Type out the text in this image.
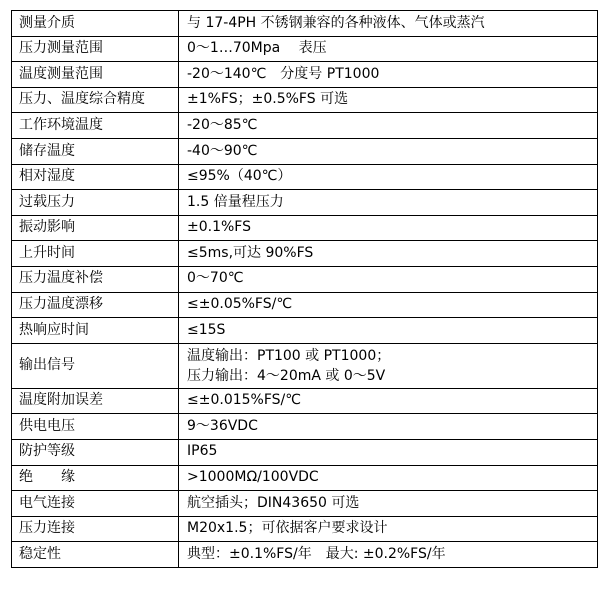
测量介质	与 17-4PH 不锈钢兼容的各种液体、气体或蒸汽

压力测量范围	0～1…70Mpa　 表压

温度测量范围	-20～140℃　分度号 PT1000

压力、温度综合精度	±1%FS；±0.5%FS 可选

工作环境温度	-20～85℃

储存温度	-40～90℃

相对湿度	≤95%（40℃）

过载压力	1.5 倍量程压力

振动影响	±0.1%FS

上升时间	≤5ms,可达 90%FS

压力温度补偿	0～70℃

压力温度漂移	≤±0.05%FS/℃

热响应时间	≤15S

输出信号	温度输出：PT100 或 PT1000；
压力输出：4～20mA 或 0～5V

温度附加误差	≤±0.015%FS/℃

供电电压	9～36VDC

防护等级	IP65

绝　　缘	>1000MΩ/100VDC

电气连接	航空插头；DIN43650 可选

压力连接	M20x1.5；可依据客户要求设计

稳定性	典型：±0.1%FS/年　最大: ±0.2%FS/年
